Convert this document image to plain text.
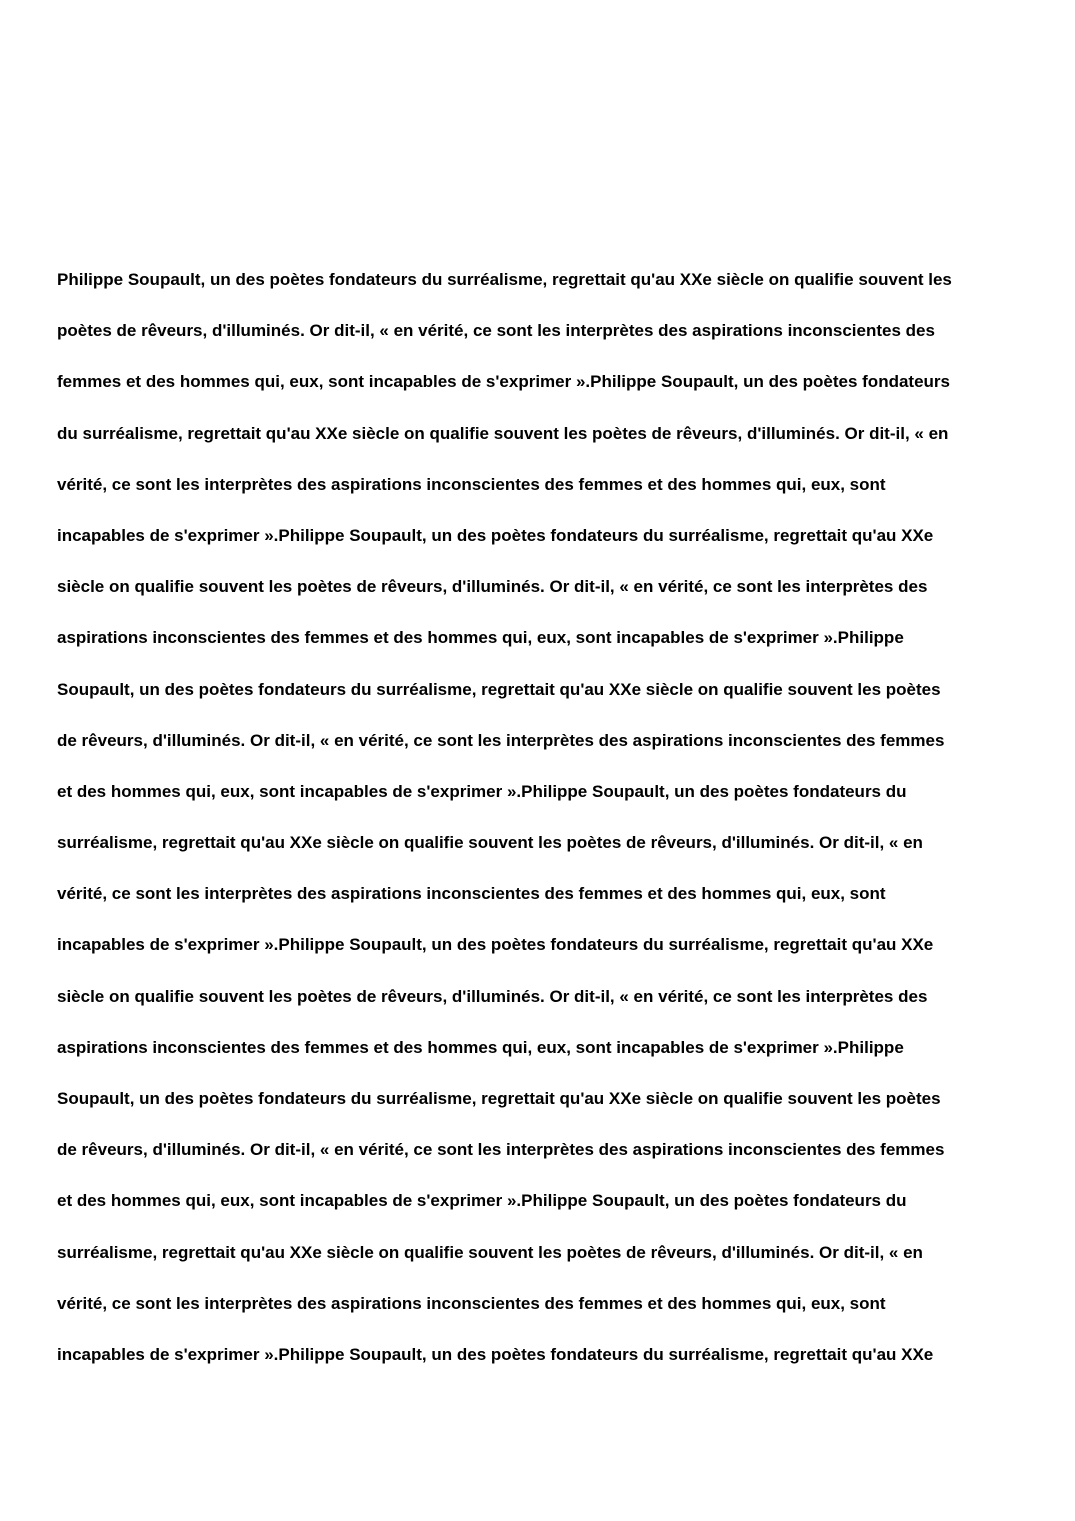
Philippe Soupault, un des poètes fondateurs du surréalisme, regrettait qu'au XXe siècle on qualifie souvent les
poètes de rêveurs, d'illuminés. Or dit-il, « en vérité, ce sont les interprètes des aspirations inconscientes des
femmes et des hommes qui, eux, sont incapables de s'exprimer ».Philippe Soupault, un des poètes fondateurs
du surréalisme, regrettait qu'au XXe siècle on qualifie souvent les poètes de rêveurs, d'illuminés. Or dit-il, « en
vérité, ce sont les interprètes des aspirations inconscientes des femmes et des hommes qui, eux, sont
incapables de s'exprimer ».Philippe Soupault, un des poètes fondateurs du surréalisme, regrettait qu'au XXe
siècle on qualifie souvent les poètes de rêveurs, d'illuminés. Or dit-il, « en vérité, ce sont les interprètes des
aspirations inconscientes des femmes et des hommes qui, eux, sont incapables de s'exprimer ».Philippe
Soupault, un des poètes fondateurs du surréalisme, regrettait qu'au XXe siècle on qualifie souvent les poètes
de rêveurs, d'illuminés. Or dit-il, « en vérité, ce sont les interprètes des aspirations inconscientes des femmes
et des hommes qui, eux, sont incapables de s'exprimer ».Philippe Soupault, un des poètes fondateurs du
surréalisme, regrettait qu'au XXe siècle on qualifie souvent les poètes de rêveurs, d'illuminés. Or dit-il, « en
vérité, ce sont les interprètes des aspirations inconscientes des femmes et des hommes qui, eux, sont
incapables de s'exprimer ».Philippe Soupault, un des poètes fondateurs du surréalisme, regrettait qu'au XXe
siècle on qualifie souvent les poètes de rêveurs, d'illuminés. Or dit-il, « en vérité, ce sont les interprètes des
aspirations inconscientes des femmes et des hommes qui, eux, sont incapables de s'exprimer ».Philippe
Soupault, un des poètes fondateurs du surréalisme, regrettait qu'au XXe siècle on qualifie souvent les poètes
de rêveurs, d'illuminés. Or dit-il, « en vérité, ce sont les interprètes des aspirations inconscientes des femmes
et des hommes qui, eux, sont incapables de s'exprimer ».Philippe Soupault, un des poètes fondateurs du
surréalisme, regrettait qu'au XXe siècle on qualifie souvent les poètes de rêveurs, d'illuminés. Or dit-il, « en
vérité, ce sont les interprètes des aspirations inconscientes des femmes et des hommes qui, eux, sont
incapables de s'exprimer ».Philippe Soupault, un des poètes fondateurs du surréalisme, regrettait qu'au XXe
